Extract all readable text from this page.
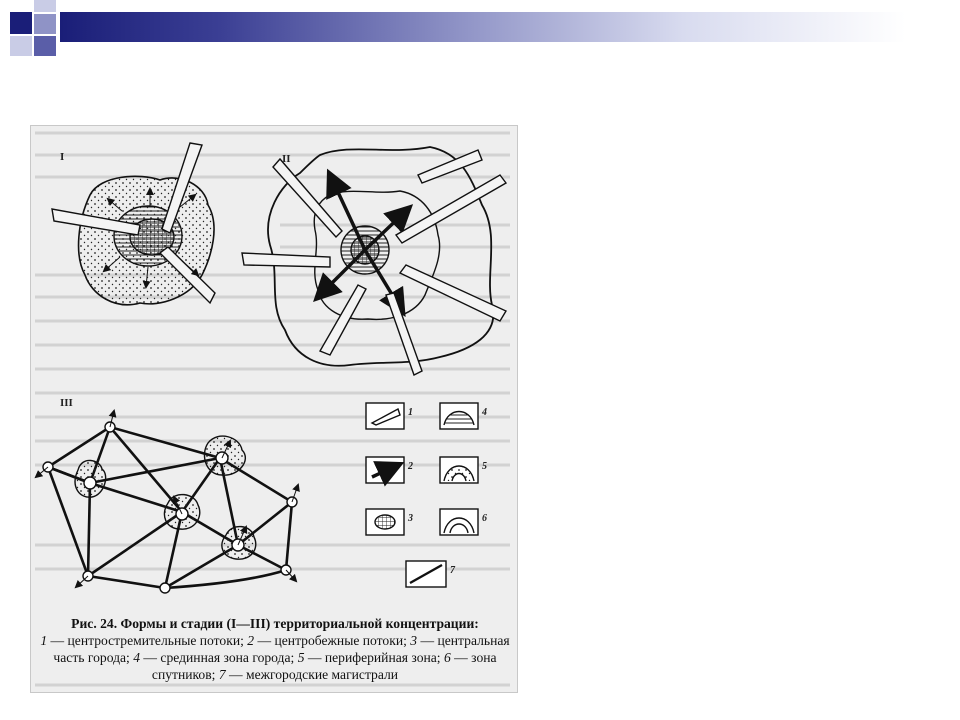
I	II
III
1
2
3
4
5
6
7
Рис. 24. Формы и стадии (I—III) территориальной концентрации:
1 — центростремительные потоки; 2 — центробежные потоки; 3 — центральная часть города; 4 — срединная зона города; 5 — периферийная зона; 6 — зона спутников; 7 — межгородские магистрали
